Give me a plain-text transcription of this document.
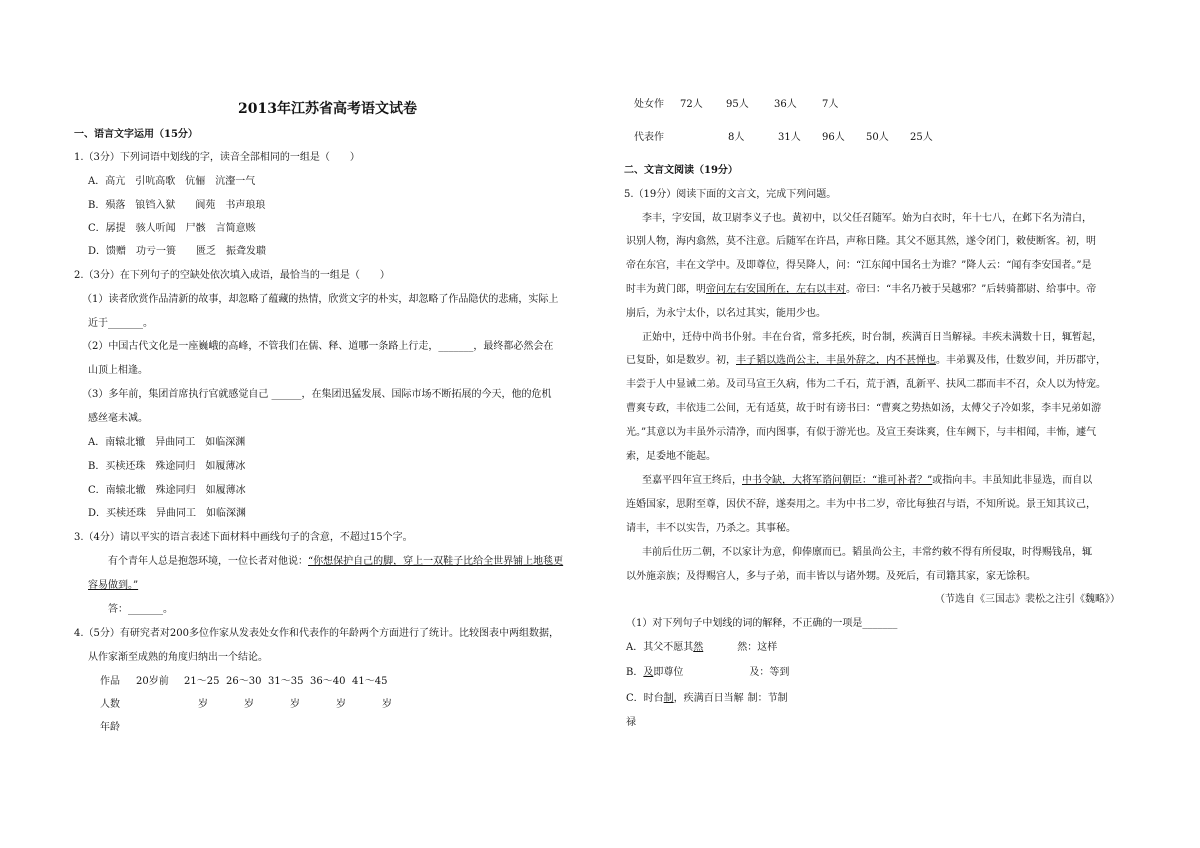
2013年江苏省高考语文试卷
一、语言文字运用（15分）
1.（3分）下列词语中划线的字，读音全部相同的一组是（　　）
A．高亢　引吭高歌　伉俪　沆瀣一气
B．殒落　锒铛入狱　　阆苑　书声琅琅
C．孱提　骇人听闻　尸骸　言简意赅
D．馈赠　功亏一篑　　匮乏　振聋发聩
2.（3分）在下列句子的空缺处依次填入成语，最恰当的一组是（　　）
（1）读者欣赏作品清新的故事，却忽略了蕴藏的热情，欣赏文字的朴实，却忽略了作品隐伏的悲痛，实际上
近于_______。
（2）中国古代文化是一座巍峨的高峰，不管我们在儒、释、道哪一条路上行走，_______，最终都必然会在
山顶上相逢。
（3）多年前，集团首席执行官就感觉自己 ______，在集团迅猛发展、国际市场不断拓展的今天，他的危机
感丝毫未减。
A．南辕北辙　异曲同工　如临深渊
B．买椟还珠　殊途同归　如履薄冰
C．南辕北辙　殊途同归　如履薄冰
D．买椟还珠　异曲同工　如临深渊
3.（4分）请以平实的语言表述下面材料中画线句子的含意，不超过15个字。
有个青年人总是抱怨环境，一位长者对他说：“你想保护自己的脚，穿上一双鞋子比给全世界铺上地毯更
容易做到。”
答：_______。
4.（5分）有研究者对200多位作家从发表处女作和代表作的年龄两个方面进行了统计。比较图表中两组数据，
从作家渐至成熟的角度归纳出一个结论。
作品 20岁前 21～25 26～30 31～35 36～40 41～45
人数	岁	岁	岁	岁	岁
年龄
处女作 72人 95人	36人	7人
代表作	8人	31人 96人 50人 25人
二、文言文阅读（19分）
5.（19分）阅读下面的文言文，完成下列问题。
李丰，字安国，故卫尉李义子也。黄初中，以父任召随军。始为白衣时，年十七八，在邺下名为清白，
识别人物，海内翕然，莫不注意。后随军在许昌，声称日隆。其父不愿其然，遂令闭门，敕使断客。初，明
帝在东宫，丰在文学中。及即尊位，得吴降人，问：“江东闻中国名士为谁？”降人云：“闻有李安国者。”是
时丰为黄门郎，明帝问左右安国所在，左右以丰对。帝曰：“丰名乃被于吴越邪？”后转骑都尉、给事中。帝
崩后，为永宁太仆，以名过其实，能用少也。
正始中，迁侍中尚书仆射。丰在台省，常多托疾，时台制，疾满百日当解禄。丰疾未满数十日，辄暂起，
已复卧，如是数岁。初，丰子韬以选尚公主，丰虽外辞之，内不甚惮也。丰弟翼及伟，仕数岁间，并历郡守，
丰尝于人中显诫二弟。及司马宣王久病，伟为二千石，荒于酒，乱新平、扶风二郡而丰不召，众人以为恃宠。
曹爽专政，丰依违二公间，无有适莫，故于时有谤书曰：“曹爽之势热如汤，太傅父子冷如浆，李丰兄弟如游
光。”其意以为丰虽外示清净，而内图事，有似于游光也。及宣王奏诛爽，住车阙下，与丰相闻，丰怖，遽气
索，足委地不能起。
至嘉平四年宣王终后，中书令缺，大将军谘问朝臣：“谁可补者？”或指向丰。丰虽知此非显选，而自以
连婚国家，思附至尊，因伏不辞，遂奏用之。丰为中书二岁，帝比每独召与语，不知所说。景王知其议己，
请丰，丰不以实告，乃杀之。其事秘。
丰前后仕历二朝，不以家计为意，仰俸廪而已。韬虽尚公主，丰常约敕不得有所侵取，时得赐钱帛，辄
以外施亲族；及得赐宫人，多与子弟，而丰皆以与诸外甥。及死后，有司籍其家，家无馀积。
（节选自《三国志》裴松之注引《魏略》）
（1）对下列句子中划线的词的解释，不正确的一项是_______
A．其父不愿其然	然：这样
B．及即尊位	及：等到
C．时台制，疾满百日当解 制：节制
禄
